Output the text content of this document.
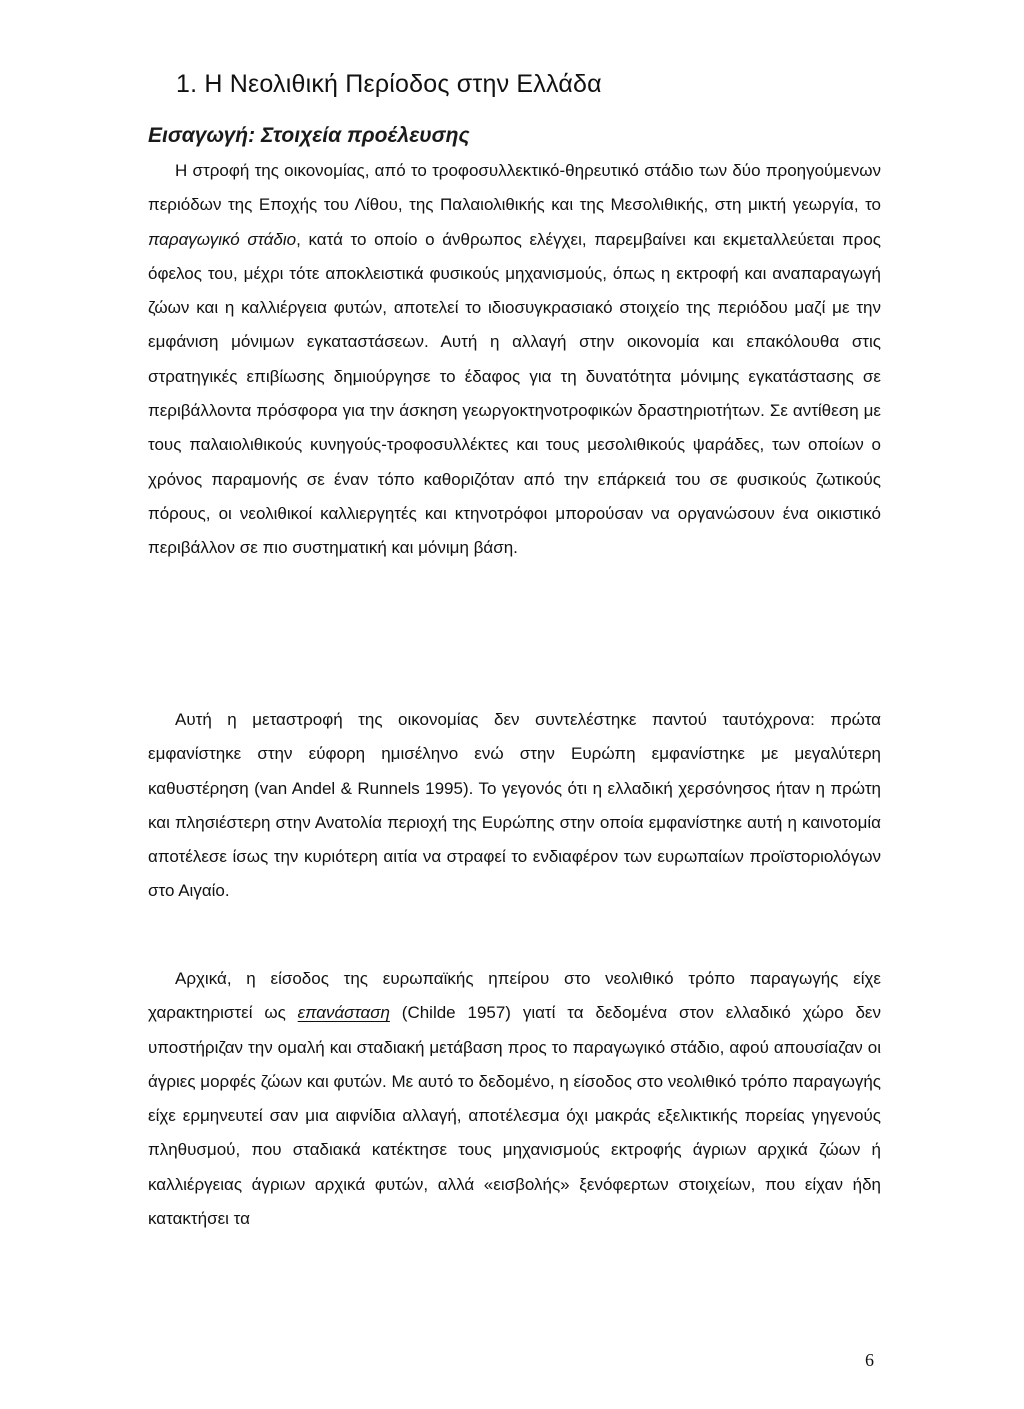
1. Η Νεολιθική Περίοδος στην Ελλάδα
Εισαγωγή: Στοιχεία προέλευσης

Η στροφή της οικονομίας, από το τροφοσυλλεκτικό-θηρευτικό στάδιο των δύο προηγούμενων περιόδων της Εποχής του Λίθου, της Παλαιολιθικής και της Μεσολιθικής, στη μικτή γεωργία, το παραγωγικό στάδιο, κατά το οποίο ο άνθρωπος ελέγχει, παρεμβαίνει και εκμεταλλεύεται προς όφελος του, μέχρι τότε αποκλειστικά φυσικούς μηχανισμούς, όπως η εκτροφή και αναπαραγωγή ζώων και η καλλιέργεια φυτών, αποτελεί το ιδιοσυγκρασιακό στοιχείο της περιόδου μαζί με την εμφάνιση μόνιμων εγκαταστάσεων. Αυτή η αλλαγή στην οικονομία και επακόλουθα στις στρατηγικές επιβίωσης δημιούργησε το έδαφος για τη δυνατότητα μόνιμης εγκατάστασης σε περιβάλλοντα πρόσφορα για την άσκηση γεωργοκτηνοτροφικών δραστηριοτήτων. Σε αντίθεση με τους παλαιολιθικούς κυνηγούς-τροφοσυλλέκτες και τους μεσολιθικούς ψαράδες, των οποίων ο χρόνος παραμονής σε έναν τόπο καθοριζόταν από την επάρκειά του σε φυσικούς ζωτικούς πόρους, οι νεολιθικοί καλλιεργητές και κτηνοτρόφοι μπορούσαν να οργανώσουν ένα οικιστικό περιβάλλον σε πιο συστηματική και μόνιμη βάση.

Αυτή η μεταστροφή της οικονομίας δεν συντελέστηκε παντού ταυτόχρονα: πρώτα εμφανίστηκε στην εύφορη ημισέληνο ενώ στην Ευρώπη εμφανίστηκε με μεγαλύτερη καθυστέρηση (van Andel & Runnels 1995). Το γεγονός ότι η ελλαδική χερσόνησος ήταν η πρώτη και πλησιέστερη στην Ανατολία περιοχή της Ευρώπης στην οποία εμφανίστηκε αυτή η καινοτομία αποτέλεσε ίσως την κυριότερη αιτία να στραφεί το ενδιαφέρον των ευρωπαίων προϊστοριολόγων στο Αιγαίο.

Αρχικά, η είσοδος της ευρωπαϊκής ηπείρου στο νεολιθικό τρόπο παραγωγής είχε χαρακτηριστεί ως επανάσταση (Childe 1957) γιατί τα δεδομένα στον ελλαδικό χώρο δεν υποστήριζαν την ομαλή και σταδιακή μετάβαση προς το παραγωγικό στάδιο, αφού απουσίαζαν οι άγριες μορφές ζώων και φυτών. Με αυτό το δεδομένο, η είσοδος στο νεολιθικό τρόπο παραγωγής είχε ερμηνευτεί σαν μια αιφνίδια αλλαγή, αποτέλεσμα όχι μακράς εξελικτικής πορείας γηγενούς πληθυσμού, που σταδιακά κατέκτησε τους μηχανισμούς εκτροφής άγριων αρχικά ζώων ή καλλιέργειας άγριων αρχικά φυτών, αλλά «εισβολής» ξενόφερτων στοιχείων, που είχαν ήδη κατακτήσει τα

6
